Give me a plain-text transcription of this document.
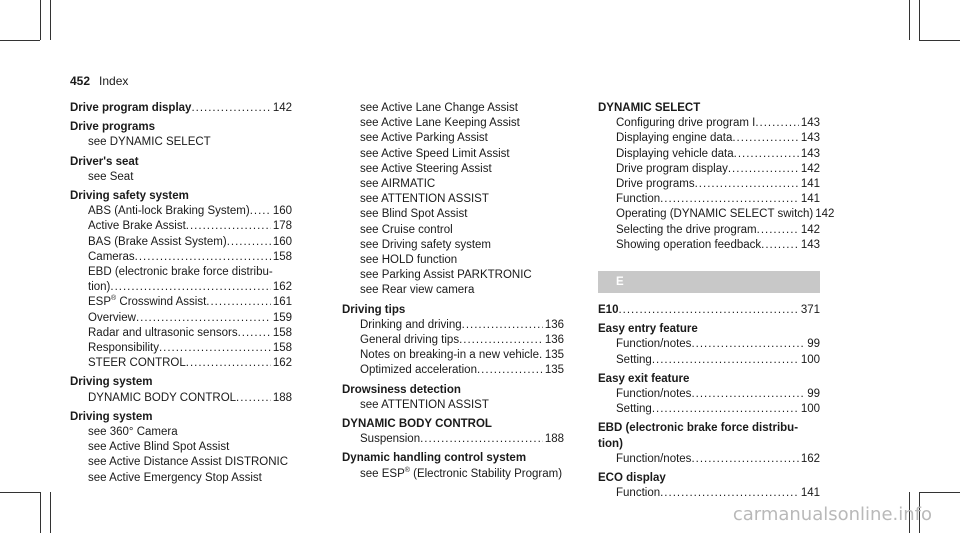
452 Index
Drive program display .....	142
Drive programs
see DYNAMIC SELECT
Driver's seat
see Seat
Driving safety system
ABS (Anti-lock Braking System) ..... 160
Active Brake Assist .....	178
BAS (Brake Assist System) .....	160
Cameras .....	158
EBD (electronic brake force distribu-
tion) .....	162
ESP® Crosswind Assist .....	161
Overview .....	159
Radar and ultrasonic sensors .....	158
Responsibility .....	158
STEER CONTROL .....	162
Driving system
DYNAMIC BODY CONTROL .....	188
Driving system
see 360° Camera
see Active Blind Spot Assist
see Active Distance Assist DISTRONIC
see Active Emergency Stop Assist
see Active Lane Change Assist
see Active Lane Keeping Assist
see Active Parking Assist
see Active Speed Limit Assist
see Active Steering Assist
see AIRMATIC
see ATTENTION ASSIST
see Blind Spot Assist
see Cruise control
see Driving safety system
see HOLD function
see Parking Assist PARKTRONIC
see Rear view camera
Driving tips
Drinking and driving .....	136
General driving tips .....	136
Notes on breaking-in a new vehicle ..... 135
Optimized acceleration .....	135
Drowsiness detection
see ATTENTION ASSIST
DYNAMIC BODY CONTROL
Suspension .....	188
Dynamic handling control system
see ESP® (Electronic Stability Program)
DYNAMIC SELECT
Configuring drive program I .....	143
Displaying engine data .....	143
Displaying vehicle data .....	143
Drive program display .....	142
Drive programs .....	141
Function .....	141
Operating (DYNAMIC SELECT switch) 142
Selecting the drive program .....	142
Showing operation feedback .....	143
E
E10 .....	371
Easy entry feature
Function/notes .....	99
Setting .....	100
Easy exit feature
Function/notes .....	99
Setting .....	100
EBD (electronic brake force distribu-
tion)
Function/notes .....	162
ECO display
Function .....	141
carmanualsonline.info
